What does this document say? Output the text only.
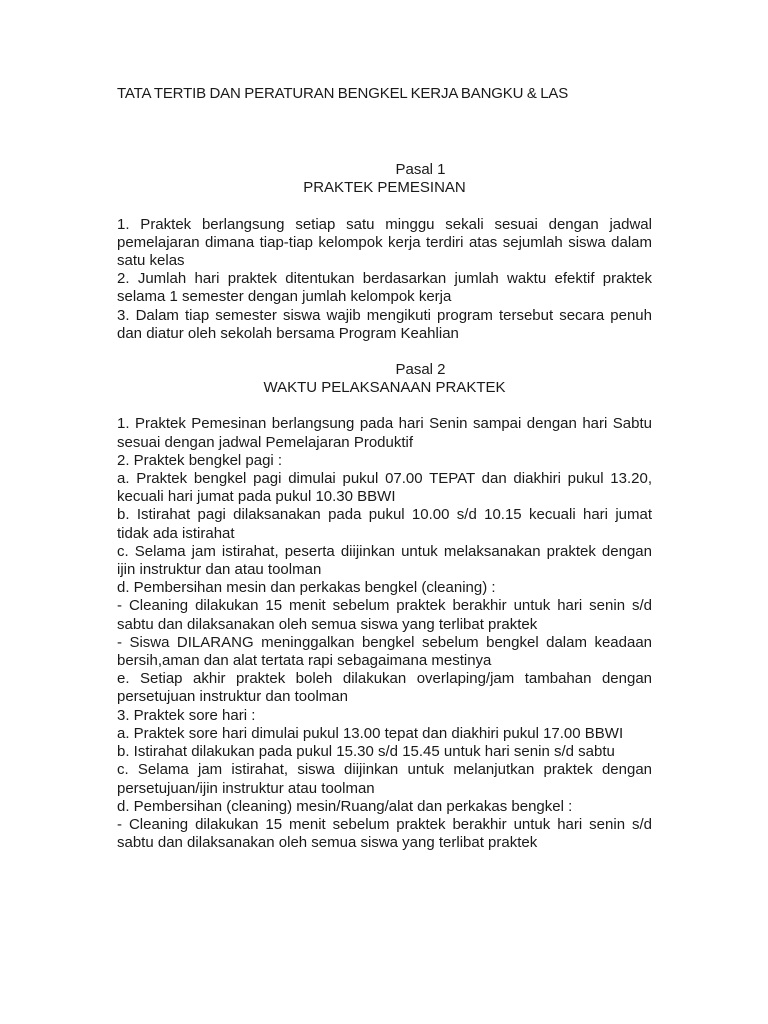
TATA TERTIB DAN PERATURAN BENGKEL KERJA BANGKU & LAS
Pasal 1
PRAKTEK PEMESINAN

1. Praktek berlangsung setiap satu minggu sekali sesuai dengan jadwal pemelajaran dimana tiap-tiap kelompok kerja terdiri atas sejumlah siswa dalam satu kelas

2. Jumlah hari praktek ditentukan berdasarkan jumlah waktu efektif praktek selama 1 semester dengan jumlah kelompok kerja

3. Dalam tiap semester siswa wajib mengikuti program tersebut secara penuh dan diatur oleh sekolah bersama Program Keahlian

Pasal 2
WAKTU PELAKSANAAN PRAKTEK

1. Praktek Pemesinan berlangsung pada hari Senin sampai dengan hari Sabtu sesuai dengan jadwal Pemelajaran Produktif

2. Praktek bengkel pagi :

a. Praktek bengkel pagi dimulai pukul 07.00 TEPAT dan diakhiri pukul 13.20, kecuali hari jumat pada pukul 10.30 BBWI

b. Istirahat pagi dilaksanakan pada pukul 10.00 s/d 10.15 kecuali hari jumat tidak ada istirahat

c. Selama jam istirahat, peserta diijinkan untuk melaksanakan praktek dengan ijin instruktur dan atau toolman

d. Pembersihan mesin dan perkakas bengkel (cleaning) :

- Cleaning dilakukan 15 menit sebelum praktek berakhir untuk hari senin s/d sabtu dan dilaksanakan oleh semua siswa yang terlibat praktek

- Siswa DILARANG meninggalkan bengkel sebelum bengkel dalam keadaan bersih,aman dan alat tertata rapi sebagaimana mestinya

e. Setiap akhir praktek boleh dilakukan overlaping/jam tambahan dengan persetujuan instruktur dan toolman

3. Praktek sore hari :

a. Praktek sore hari dimulai pukul 13.00 tepat dan diakhiri pukul 17.00 BBWI

b. Istirahat dilakukan pada pukul 15.30 s/d 15.45 untuk hari senin s/d sabtu

c. Selama jam istirahat, siswa diijinkan untuk melanjutkan praktek dengan persetujuan/ijin instruktur atau toolman

d. Pembersihan (cleaning) mesin/Ruang/alat dan perkakas bengkel :

- Cleaning dilakukan 15 menit sebelum praktek berakhir untuk hari senin s/d sabtu dan dilaksanakan oleh semua siswa yang terlibat praktek
